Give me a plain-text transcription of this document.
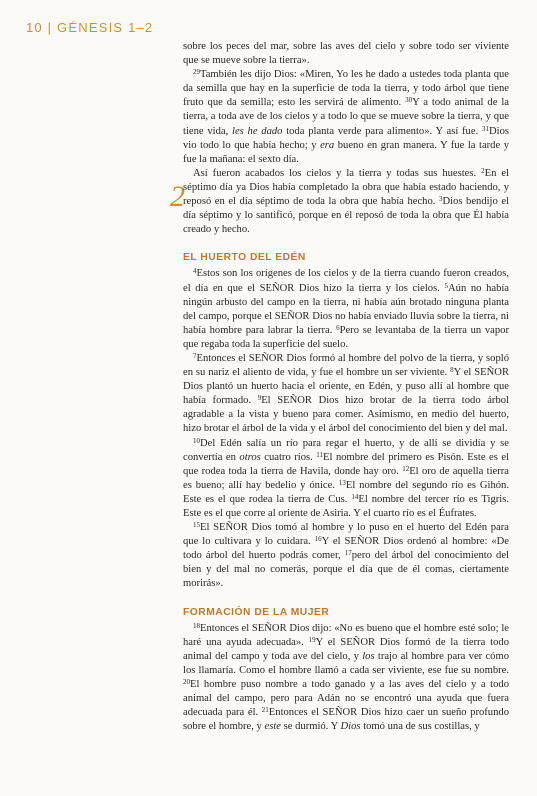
10 | GÉNESIS 1–2
2

sobre los peces del mar, sobre las aves del cielo y sobre todo ser viviente que se mueve sobre la tierra».

$^{29}$También les dijo Dios: «Miren, Yo les he dado a ustedes toda planta que da semilla que hay en la superficie de toda la tierra, y todo árbol que tiene fruto que da semilla; esto les servirá de alimento. $^{30}$Y a todo animal de la tierra, a toda ave de los cielos y a todo lo que se mueve sobre la tierra, y que tiene vida, les he dado toda planta verde para alimento». Y así fue. $^{31}$Dios vio todo lo que había hecho; y era bueno en gran manera. Y fue la tarde y fue la mañana: el sexto día.

Así fueron acabados los cielos y la tierra y todas sus huestes. $^2$En el séptimo día ya Dios había completado la obra que había estado haciendo, y reposó en el día séptimo de toda la obra que había hecho. $^3$Dios bendijo el día séptimo y lo santificó, porque en él reposó de toda la obra que Él había creado y hecho.

EL HUERTO DEL EDÉN

$^4$Estos son los orígenes de los cielos y de la tierra cuando fueron creados, el día en que el SEÑOR Dios hizo la tierra y los cielos. $^5$Aún no había ningún arbusto del campo en la tierra, ni había aún brotado ninguna planta del campo, porque el SEÑOR Dios no había enviado lluvia sobre la tierra, ni había hombre para labrar la tierra. $^6$Pero se levantaba de la tierra un vapor que regaba toda la superficie del suelo.

$^7$Entonces el SEÑOR Dios formó al hombre del polvo de la tierra, y sopló en su nariz el aliento de vida, y fue el hombre un ser viviente. $^8$Y el SEÑOR Dios plantó un huerto hacia el oriente, en Edén, y puso allí al hombre que había formado. $^9$El SEÑOR Dios hizo brotar de la tierra todo árbol agradable a la vista y bueno para comer. Asimismo, en medio del huerto, hizo brotar el árbol de la vida y el árbol del conocimiento del bien y del mal.

$^{10}$Del Edén salía un río para regar el huerto, y de allí se dividía y se convertía en otros cuatro ríos. $^{11}$El nombre del primero es Pisón. Este es el que rodea toda la tierra de Havila, donde hay oro. $^{12}$El oro de aquella tierra es bueno; allí hay bedelio y ónice. $^{13}$El nombre del segundo río es Gihón. Este es el que rodea la tierra de Cus. $^{14}$El nombre del tercer río es Tigris. Este es el que corre al oriente de Asiria. Y el cuarto río es el Éufrates.

$^{15}$El SEÑOR Dios tomó al hombre y lo puso en el huerto del Edén para que lo cultivara y lo cuidara. $^{16}$Y el SEÑOR Dios ordenó al hombre: «De todo árbol del huerto podrás comer, $^{17}$pero del árbol del conocimiento del bien y del mal no comerás, porque el día que de él comas, ciertamente morirás».

FORMACIÓN DE LA MUJER

$^{18}$Entonces el SEÑOR Dios dijo: «No es bueno que el hombre esté solo; le haré una ayuda adecuada». $^{19}$Y el SEÑOR Dios formó de la tierra todo animal del campo y toda ave del cielo, y los trajo al hombre para ver cómo los llamaría. Como el hombre llamó a cada ser viviente, ese fue su nombre. $^{20}$El hombre puso nombre a todo ganado y a las aves del cielo y a todo animal del campo, pero para Adán no se encontró una ayuda que fuera adecuada para él. $^{21}$Entonces el SEÑOR Dios hizo caer un sueño profundo sobre el hombre, y este se durmió. Y Dios tomó una de sus costillas, y
